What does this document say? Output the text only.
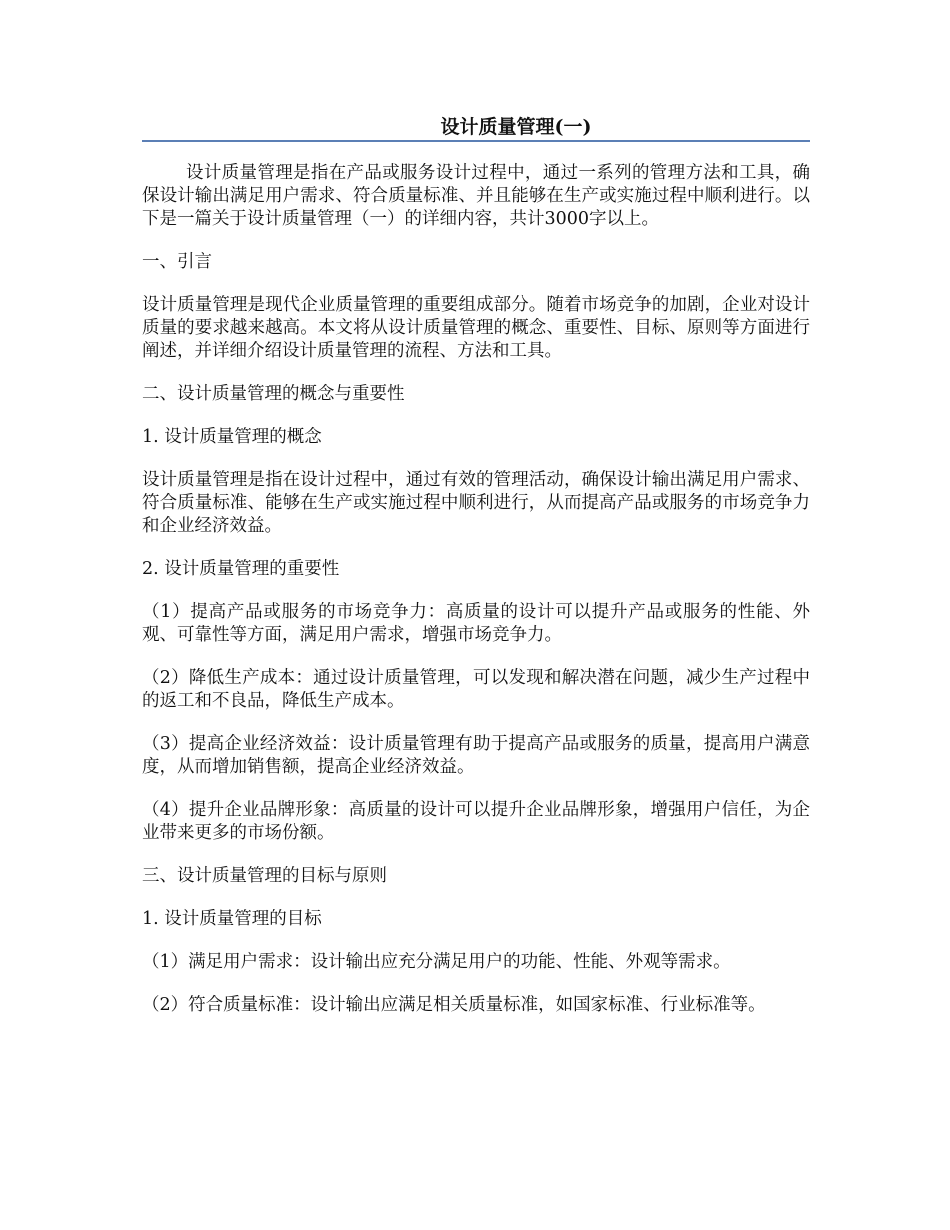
设计质量管理(一)

设计质量管理是指在产品或服务设计过程中，通过一系列的管理方法和工具，确保设计输出满足用户需求、符合质量标准、并且能够在生产或实施过程中顺利进行。以下是一篇关于设计质量管理（一）的详细内容，共计3000字以上。

一、引言

设计质量管理是现代企业质量管理的重要组成部分。随着市场竞争的加剧，企业对设计质量的要求越来越高。本文将从设计质量管理的概念、重要性、目标、原则等方面进行阐述，并详细介绍设计质量管理的流程、方法和工具。

二、设计质量管理的概念与重要性

1. 设计质量管理的概念

设计质量管理是指在设计过程中，通过有效的管理活动，确保设计输出满足用户需求、符合质量标准、能够在生产或实施过程中顺利进行，从而提高产品或服务的市场竞争力和企业经济效益。

2. 设计质量管理的重要性

（1）提高产品或服务的市场竞争力：高质量的设计可以提升产品或服务的性能、外观、可靠性等方面，满足用户需求，增强市场竞争力。

（2）降低生产成本：通过设计质量管理，可以发现和解决潜在问题，减少生产过程中的返工和不良品，降低生产成本。

（3）提高企业经济效益：设计质量管理有助于提高产品或服务的质量，提高用户满意度，从而增加销售额，提高企业经济效益。

（4）提升企业品牌形象：高质量的设计可以提升企业品牌形象，增强用户信任，为企业带来更多的市场份额。

三、设计质量管理的目标与原则

1. 设计质量管理的目标

（1）满足用户需求：设计输出应充分满足用户的功能、性能、外观等需求。

（2）符合质量标准：设计输出应满足相关质量标准，如国家标准、行业标准等。
